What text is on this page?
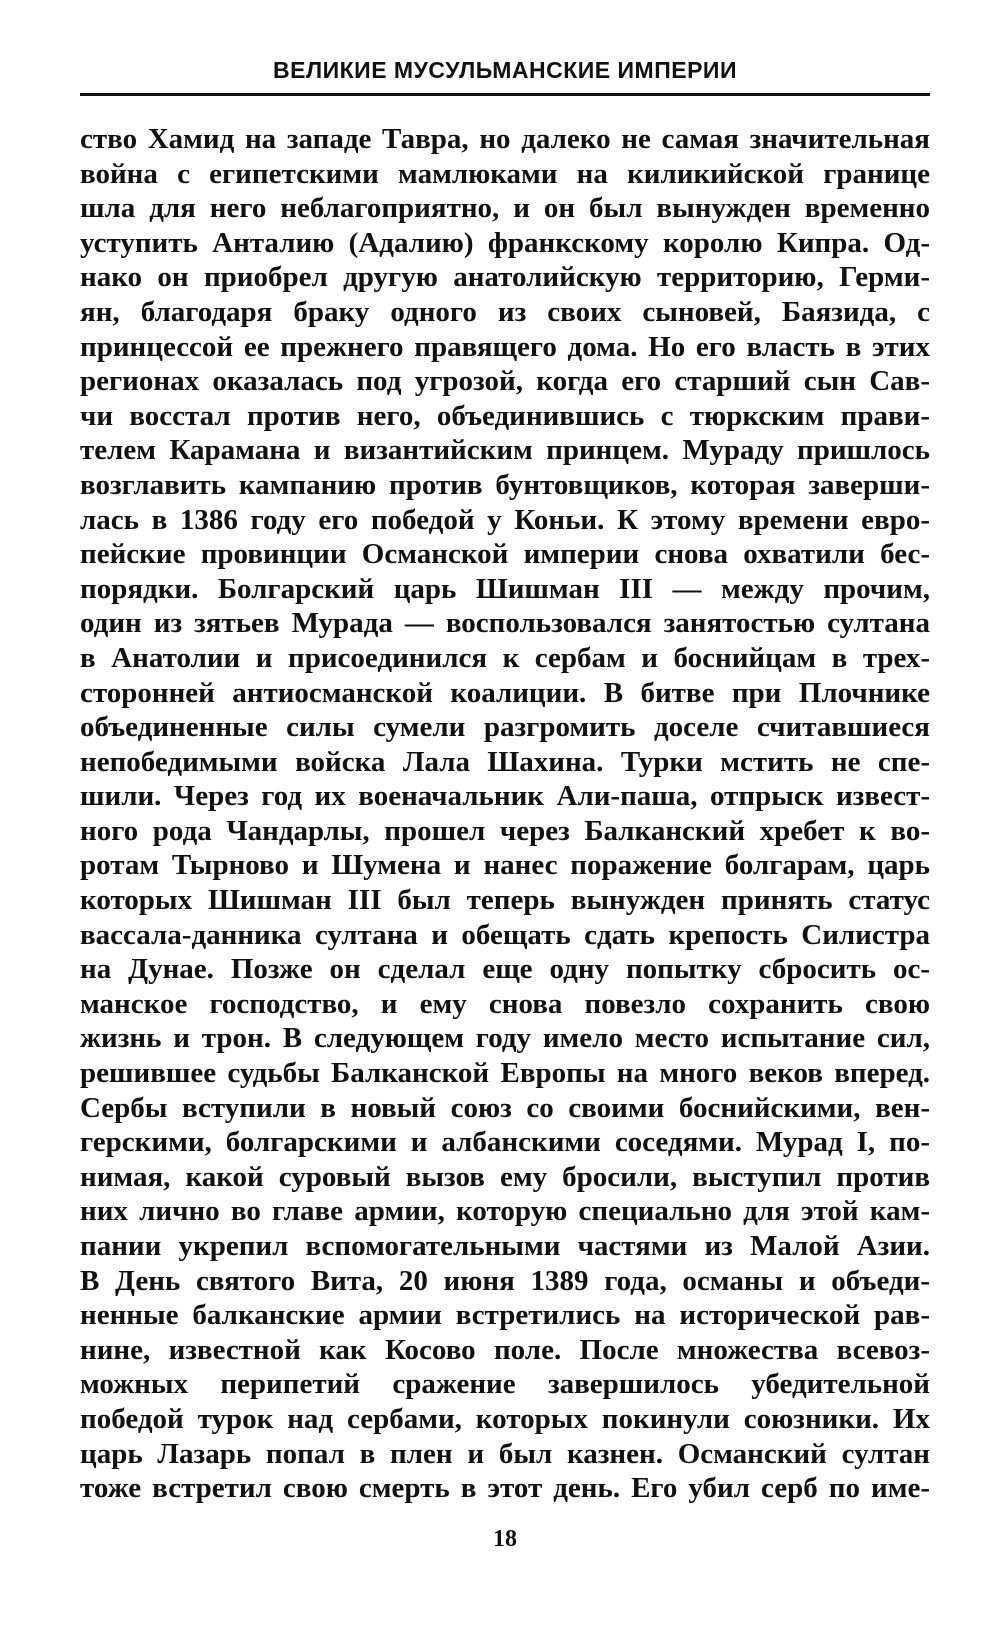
ВЕЛИКИЕ МУСУЛЬМАНСКИЕ ИМПЕРИИ
ство Хамид на западе Тавра, но далеко не самая значительная
война с египетскими мамлюками на киликийской границе
шла для него неблагоприятно, и он был вынужден временно
уступить Анталию (Адалию) франкскому королю Кипра. Од-
нако он приобрел другую анатолийскую территорию, Герми-
ян, благодаря браку одного из своих сыновей, Баязида, с
принцессой ее прежнего правящего дома. Но его власть в этих
регионах оказалась под угрозой, когда его старший сын Сав-
чи восстал против него, объединившись с тюркским прави-
телем Карамана и византийским принцем. Мураду пришлось
возглавить кампанию против бунтовщиков, которая заверши-
лась в 1386 году его победой у Коньи. К этому времени евро-
пейские провинции Османской империи снова охватили бес-
порядки. Болгарский царь Шишман III — между прочим,
один из зятьев Мурада — воспользовался занятостью султана
в Анатолии и присоединился к сербам и боснийцам в трех-
сторонней антиосманской коалиции. В битве при Плочнике
объединенные силы сумели разгромить доселе считавшиеся
непобедимыми войска Лала Шахина. Турки мстить не спе-
шили. Через год их военачальник Али-паша, отпрыск извест-
ного рода Чандарлы, прошел через Балканский хребет к во-
ротам Тырново и Шумена и нанес поражение болгарам, царь
которых Шишман III был теперь вынужден принять статус
вассала-данника султана и обещать сдать крепость Силистра
на Дунае. Позже он сделал еще одну попытку сбросить ос-
манское господство, и ему снова повезло сохранить свою
жизнь и трон. В следующем году имело место испытание сил,
решившее судьбы Балканской Европы на много веков вперед.
Сербы вступили в новый союз со своими боснийскими, вен-
герскими, болгарскими и албанскими соседями. Мурад I, по-
нимая, какой суровый вызов ему бросили, выступил против
них лично во главе армии, которую специально для этой кам-
пании укрепил вспомогательными частями из Малой Азии.
В День святого Вита, 20 июня 1389 года, османы и объеди-
ненные балканские армии встретились на исторической рав-
нине, известной как Косово поле. После множества всевоз-
можных перипетий сражение завершилось убедительной
победой турок над сербами, которых покинули союзники. Их
царь Лазарь попал в плен и был казнен. Османский султан
тоже встретил свою смерть в этот день. Его убил серб по име-
18
